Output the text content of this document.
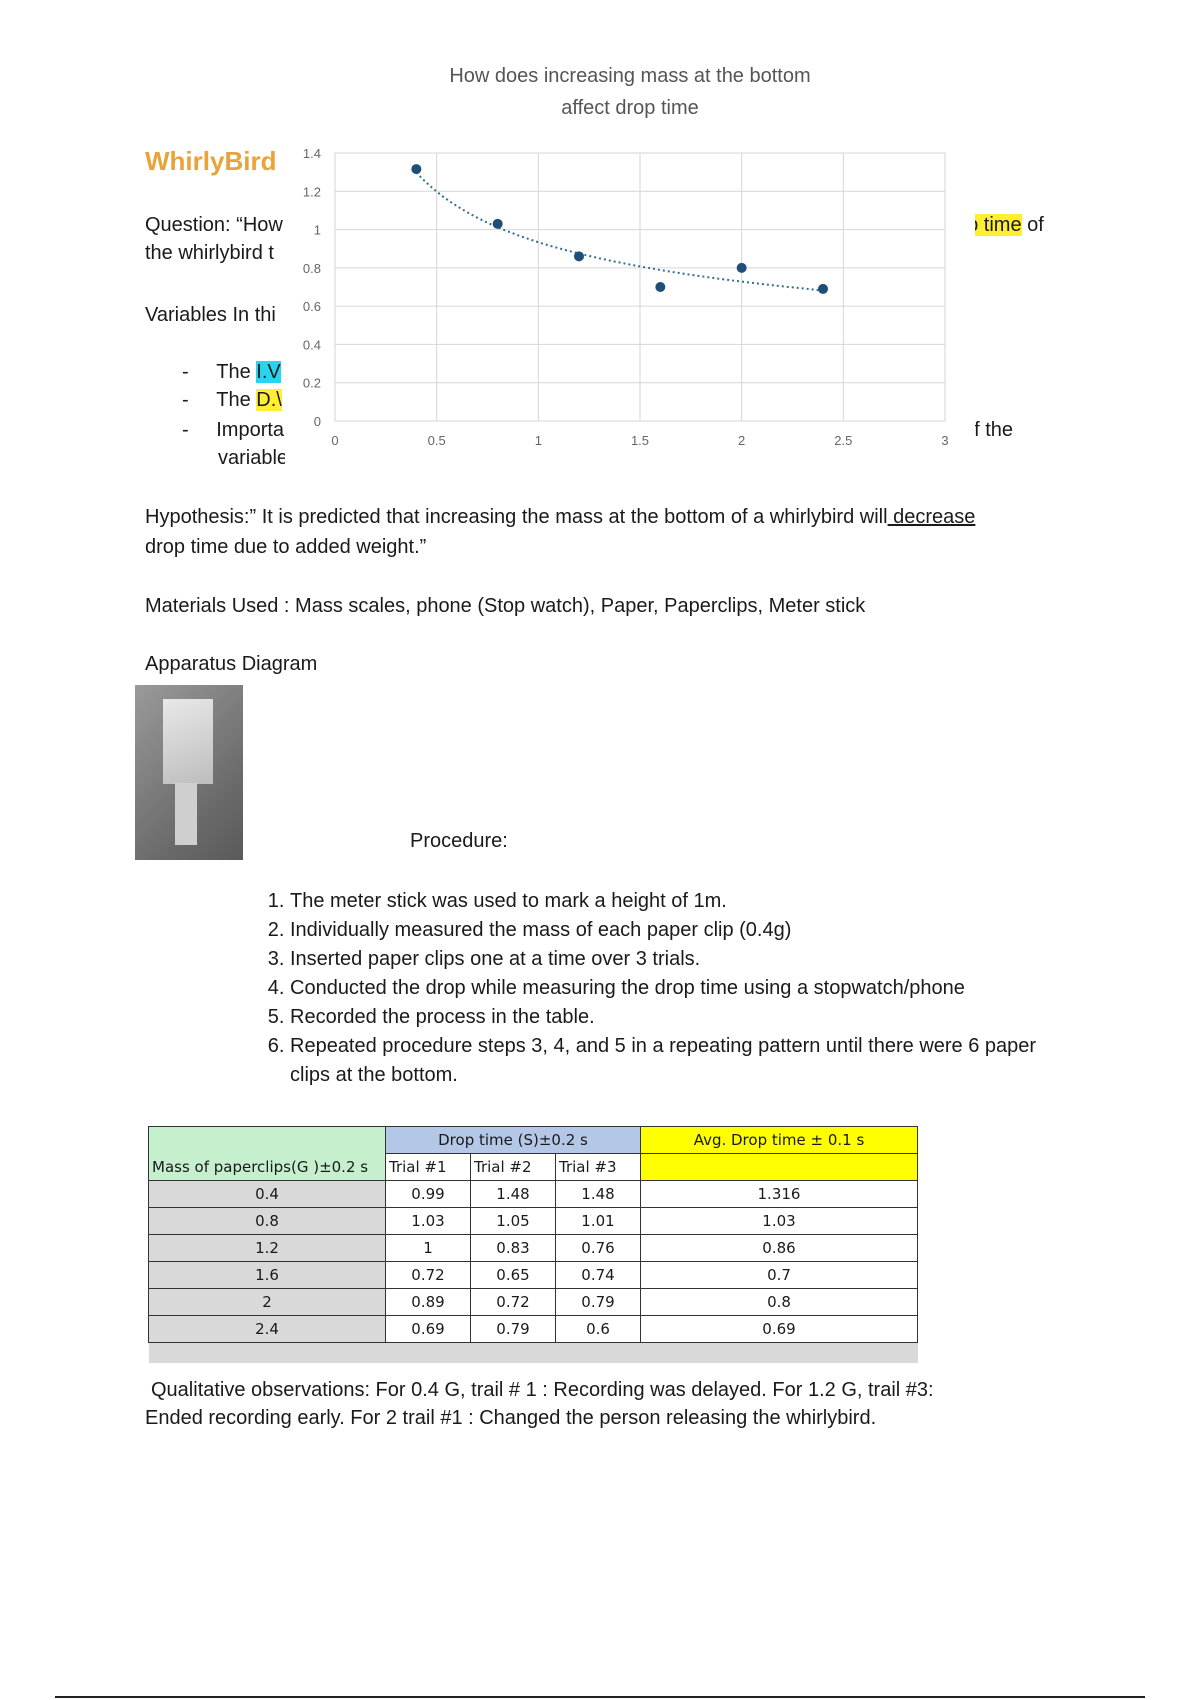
WhirlyBird
Question: “How
the whirlybird t
op time of
Variables In thi
- The I.V
- The D.\
- Importa	of the
variables.
How does increasing mass at the bottom
affect drop time
0
0.2
0.4
0.6
0.8
1
1.2
1.4
0	0.5	1	1.5	2	2.5	3
Hypothesis:” It is predicted that increasing the mass at the bottom of a whirlybird will decrease
drop time due to added weight.”
Materials Used : Mass scales, phone (Stop watch), Paper, Paperclips, Meter stick
Apparatus Diagram
Procedure:
1. The meter stick was used to mark a height of 1m.
2. Individually measured the mass of each paper clip (0.4g)
3. Inserted paper clips one at a time over 3 trials.
4. Conducted the drop while measuring the drop time using a stopwatch/phone
5. Recorded the process in the table.
6. Repeated procedure steps 3, 4, and 5 in a repeating pattern until there were 6 paper clips at the bottom.
	Drop time (S)±0.2 s			Avg. Drop time ± 0.1 s
Mass of paperclips(G )±0.2 s	Trial #1	Trial #2	Trial #3	
0.4	0.99	1.48	1.48	1.316
0.8	1.03	1.05	1.01	1.03
1.2	1	0.83	0.76	0.86
1.6	0.72	0.65	0.74	0.7
2	0.89	0.72	0.79	0.8
2.4	0.69	0.79	0.6	0.69

Qualitative observations: For 0.4 G, trail # 1 : Recording was delayed. For 1.2 G, trail #3:
Ended recording early. For 2 trail #1 : Changed the person releasing the whirlybird.
